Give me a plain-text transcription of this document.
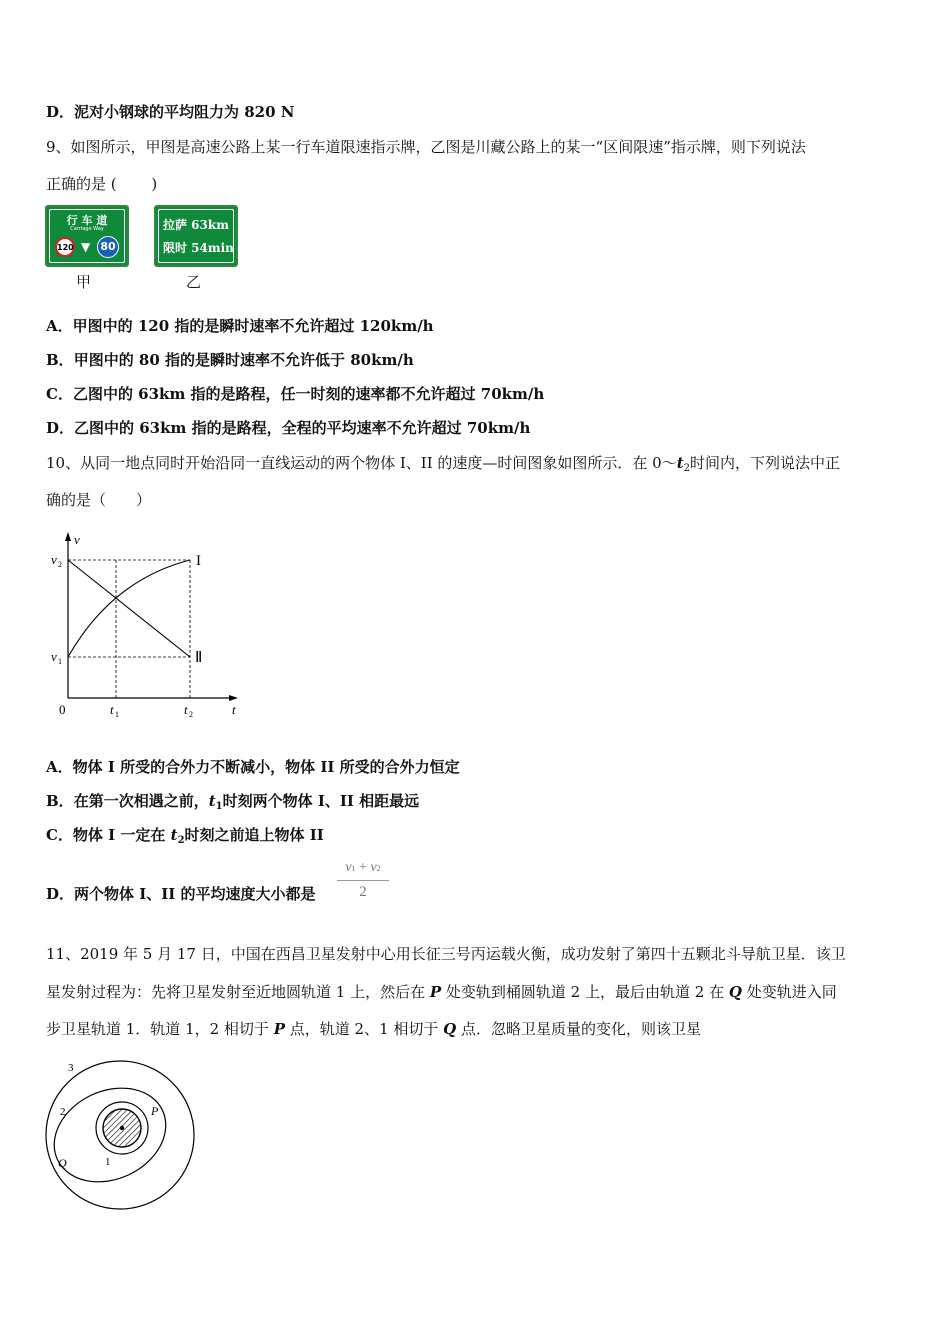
D．泥对小钢球的平均阻力为 820 N
9、如图所示，甲图是高速公路上某一行车道限速指示牌，乙图是川藏公路上的某一“区间限速”指示牌，则下列说法
正确的是 (　　 )
行 车 道
Carriage Way
120 ▼ 80
甲
拉萨 63km
限时 54min
乙
A．甲图中的 120 指的是瞬时速率不允许超过 120km/h
B．甲图中的 80 指的是瞬时速率不允许低于 80km/h
C．乙图中的 63km 指的是路程，任一时刻的速率都不允许超过 70km/h
D．乙图中的 63km 指的是路程，全程的平均速率不允许超过 70km/h
10、从同一地点同时开始沿同一直线运动的两个物体 I、II 的速度—时间图象如图所示．在 $0\sim t_2$时间内，下列说法中正
确的是（　　）
v
t
0
v 2
v 1
t 1	t 2
I
Ⅱ
A．物体 I 所受的合外力不断减小，物体 II 所受的合外力恒定
B．在第一次相遇之前，$t_1$时刻两个物体 I、II 相距最远
C．物体 I 一定在 $t_2$时刻之前追上物体 II
D．两个物体 I、II 的平均速度大小都是
v1 + v2
2
11、2019 年 5 月 17 日，中国在西昌卫星发射中心用长征三号丙运载火衡，成功发射了第四十五颗北斗导航卫星．该卫
星发射过程为：先将卫星发射至近地圆轨道 1 上，然后在 P 处变轨到桶圆轨道 2 上，最后由轨道 2 在 Q 处变轨进入同
步卫星轨道 1．轨道 1，2 相切于 P 点，轨道 2、1 相切于 Q 点．忽略卫星质量的变化，则该卫星
3
2
1
P
Q
